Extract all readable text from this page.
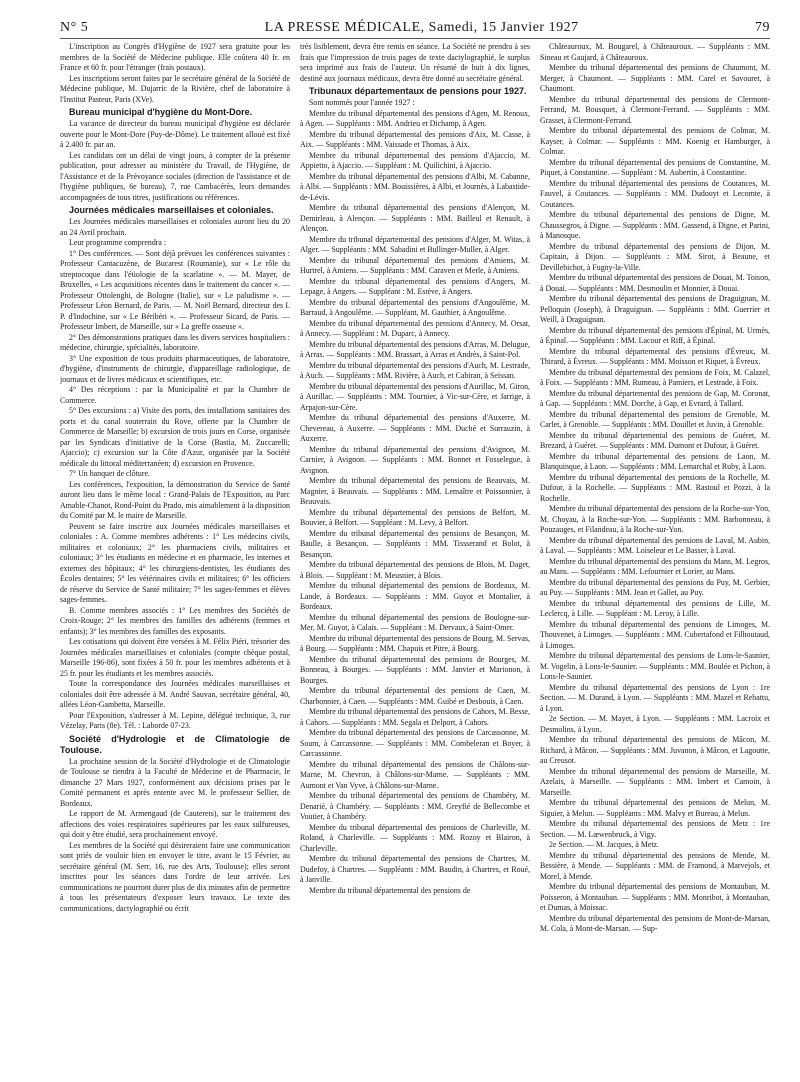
N° 5	LA PRESSE MÉDICALE, Samedi, 15 Janvier 1927	79

L'inscription au Congrès d'Hygiène de 1927 sera gratuite pour les membres de la Société de Médecine publique. Elle coûtera 40 fr. en France et 60 fr. pour l'étranger (frais postaux).

Les inscriptions seront faites par le secrétaire général de la Société de Médecine publique, M. Dujarric de la Rivière, chef de laboratoire à l'Institut Pasteur, Paris (XVe).

Bureau municipal d'hygiène du Mont-Dore.

La vacance de directeur du bureau municipal d'hygiène est déclarée ouverte pour le Mont-Dore (Puy-de-Dôme). Le traitement alloué est fixé à 2.400 fr. par an.

Les candidats ont un délai de vingt jours, à compter de la présente publication, pour adresser au ministère du Travail, de l'Hygiène, de l'Assistance et de la Prévoyance sociales (direction de l'assistance et de l'hygiène publiques, 6e bureau), 7, rue Cambacérès, leurs demandes accompagnées de tous titres, justifications ou références.

Journées médicales marseillaises et coloniales.

Les Journées médicales marseillaises et coloniales auront lieu du 20 au 24 Avril prochain.

Leur programme comprendra :

1° Des conférences. — Sont déjà prévues les conférences suivantes : Professeur Cantacuzène, de Bucarest (Roumanie), sur « Le rôle du streptocoque dans l'étiologie de la scarlatine ». — M. Mayer, de Bruxelles, « Les acquisitions récentes dans le traitement du cancer ». — Professeur Ottolenghi, de Bologne (Italie), sur « Le paludisme ». — Professeur Léon Bernard, de Paris. — M. Noël Bernard, directeur des I. P. d'Indochine, sur « Le Béribéri ». — Professeur Sicard, de Paris. — Professeur Imbert, de Marseille, sur « La greffe osseuse ».

2° Des démonstrations pratiques dans les divers services hospitaliers : médecine, chirurgie, spécialités, laboratoire.

3° Une exposition de tous produits pharmaceutiques, de laboratoire, d'hygiène, d'instruments de chirurgie, d'appareillage radiologique, de journaux et de livres médicaux et scientifiques, etc.

4° Des réceptions : par la Municipalité et par la Chambre de Commerce.

5° Des excursions : a) Visite des ports, des installations sanitaires des ports et du canal souterrain du Rove, offerte par la Chambre de Commerce de Marseille; b) excursion de trois jours en Corse, organisée par les Syndicats d'initiative de la Corse (Bastia, M. Zuccarelli; Ajaccio); c) excursion sur la Côte d'Azur, organisée par la Société médicale du littoral méditerranéen; d) excursion en Provence.

7° Un banquet de clôture.

Les conférences, l'exposition, la démonstration du Service de Santé auront lieu dans le même local : Grand-Palais de l'Exposition, au Parc Amable-Chanot, Rond-Point du Prado, mis aimablement à la disposition du Comité par M. le maire de Marseille.

Peuvent se faire inscrire aux Journées médicales marseillaises et coloniales : A. Comme membres adhérents : 1° Les médecins civils, militaires et coloniaux; 2° les pharmaciens civils, militaires et coloniaux; 3° les étudiants en médecine et en pharmacie, les internes et externes des hôpitaux; 4° les chirurgiens-dentistes, les étudiants des Écoles dentaires; 5° les vétérinaires civils et militaires; 6° les officiers de réserve du Service de Santé militaire; 7° les sages-femmes et élèves sages-femmes.

B. Comme membres associés : 1° Les membres des Sociétés de Croix-Rouge; 2° les membres des familles des adhérents (femmes et enfants); 3° les membres des familles des exposants.

Les cotisations qui doivent être versées à M. Félix Piéri, trésorier des Journées médicales marseillaises et coloniales (compte chèque postal, Marseille 196-86), sont fixées à 50 fr. pour les membres adhérents et à 25 fr. pour les étudiants et les membres associés.

Toute la correspondance des Journées médicales marseillaises et coloniales doit être adressée à M. André Sauvan, secrétaire général, 40, allées Léon-Gambetta, Marseille.

Pour l'Exposition, s'adresser à M. Lepine, délégué technique, 3, rue Vézelay, Paris (8e). Tél. : Laborde 07-23.

Société d'Hydrologie et de Climatologie de Toulouse.

La prochaine session de la Société d'Hydrologie et de Climatologie de Toulouse se tiendra à la Faculté de Médecine et de Pharmacie, le dimanche 27 Mars 1927, conformément aux décisions prises par le Comité permanent et après entente avec M. le professeur Sellier, de Bordeaux.

Le rapport de M. Armengaud (de Cauterets), sur le traitement des affections des voies respiratoires supérieures par les eaux sulfureuses, qui doit y être étudié, sera prochainement envoyé.

Les membres de la Société qui désireraient faire une communication sont priés de vouloir bien en envoyer le titre, avant le 15 Février, au secrétaire général (M. Serr, 16, rue des Arts, Toulouse); elles seront inscrites pour les séances dans l'ordre de leur arrivée. Les communications ne pourront durer plus de dix minutes afin de permettre à tous les présentateurs d'exposer leurs travaux. Le texte des communications, dactylographié ou écrit

très lisiblement, devra être remis en séance. La Société ne prendra à ses frais que l'impression de trois pages de texte dactylographié, le surplus sera imprimé aux frais de l'auteur. Un résumé de huit à dix lignes, destiné aux journaux médicaux, devra être donné au secrétaire général.

Tribunaux départementaux de pensions pour 1927.

Sont nommés pour l'année 1927 :

Membre du tribunal départemental des pensions d'Agen, M. Renoux, à Agen. — Suppléants : MM. Andrieu et Dichamp, à Agen.

Membre du tribunal départemental des pensions d'Aix, M. Casse, à Aix. — Suppléants : MM. Vaissade et Thomas, à Aix.

Membre du tribunal départemental des pensions d'Ajaccio, M. Appietto, à Ajaccio. — Suppléant : M. Quilichini, à Ajaccio.

Membre du tribunal départemental des pensions d'Albi, M. Cabanne, à Albi. — Suppléants : MM. Bouissières, à Albi, et Journès, à Labastide-de-Lévis.

Membre du tribunal départemental des pensions d'Alençon, M. Demirleau, à Alençon. — Suppléants : MM. Bailleul et Renault, à Alençon.

Membre du tribunal départemental des pensions d'Alger, M. Witas, à Alger. — Suppléants : MM. Sabadini et Bullinger-Muller, à Alger.

Membre du tribunal départemental des pensions d'Amiens, M. Hurtrel, à Amiens. — Suppléants : MM. Caraven et Merle, à Amiens.

Membre du tribunal départemental des pensions d'Angers, M. Lepage, à Angers. — Suppléant : M. Estève, à Angers.

Membre du tribunal départemental des pensions d'Angoulême, M. Barraud, à Angoulême. — Suppléant, M. Gauthier, à Angoulême.

Membre du tribunal départemental des pensions d'Annecy, M. Orsat, à Annecy. — Suppléant : M. Duparc, à Annecy.

Membre du tribunal départemental des pensions d'Arras, M. Delugue, à Arras. — Suppléants : MM. Brassart, à Arras et Andrès, à Saint-Pol.

Membre du tribunal départemental des pensions d'Auch, M. Lestrade, à Auch. — Suppléants : MM. Rivière, à Auch, et Cabiran, à Seissan.

Membre du tribunal départemental des pensions d'Aurillac, M. Giron, à Aurillac. — Suppléants : MM. Tournier, à Vic-sur-Cère, et Jarrige, à Arpajon-sur-Cère.

Membre du tribunal départemental des pensions d'Auxerre, M. Chevereau, à Auxerre. — Suppléants : MM. Duché et Surrauzin, à Auxerre.

Membre du tribunal départemental des pensions d'Avignon, M. Carnier, à Avignon. — Suppléants : MM. Bonnet et Fosselegue, à Avignon.

Membre du tribunal départemental des pensions de Beauvais, M. Magnier, à Beauvais. — Suppléants : MM. Lemaître et Poissonnier, à Beauvais.

Membre du tribunal départemental des pensions de Belfort, M. Bouvier, à Belfort. — Suppléant : M. Levy, à Belfort.

Membre du tribunal départemental des pensions de Besançon, M. Baulle, à Besançon. — Suppléants : MM. Tissserand et Bolot, à Besançon.

Membre du tribunal départemental des pensions de Blois, M. Daget, à Blois. — Suppléant : M. Meusnier, à Blois.

Membre du tribunal départemental des pensions de Bordeaux, M. Lande, à Bordeaux. — Suppléants : MM. Guyot et Montalier, à Bordeaux.

Membre du tribunal départemental des pensions de Boulogne-sur-Mer, M. Guyot, à Calais. — Suppléant : M. Dervaux, à Saint-Omer.

Membre du tribunal départemental des pensions de Bourg, M. Servas, à Bourg. — Suppléants : MM. Chapuis et Pitre, à Bourg.

Membre du tribunal départemental des pensions de Bourges, M. Bonneau, à Bourges. — Suppléants : MM. Janvier et Marionon, à Bourges.

Membre du tribunal départemental des pensions de Caen, M. Charbonnier, à Caen. — Suppléants : MM. Guibé et Desbouis, à Caen.

Membre du tribunal départemental des pensions de Cahors, M. Besse, à Cahors. — Suppléants : MM. Segala et Delport, à Cahors.

Membre du tribunal départemental des pensions de Carcassonne, M. Soum, à Carcassonne. — Suppléants : MM. Combeleran et Boyer, à Carcassonne.

Membre du tribunal départemental des pensions de Châlons-sur-Marne, M. Chevron, à Châlons-sur-Marne. — Suppléants : MM. Aumont et Van Vyve, à Châlons-sur-Marne.

Membre du tribunal départemental des pensions de Chambéry, M. Denarié, à Chambéry. — Suppléants : MM. Greyfié de Bellecombe et Voutier, à Chambéry.

Membre du tribunal départemental des pensions de Charleville, M. Roland, à Charleville. — Suppléants : MM. Rozoy et Blairon, à Charleville.

Membre du tribunal départemental des pensions de Chartres, M. Dudefoy, à Chartres. — Suppléants : MM. Baudin, à Chartres, et Roué, à Janville.

Membre du tribunal départemental des pensions de

Châteauroux, M. Bougarel, à Châteauroux. — Suppléants : MM. Sineau et Gaujard, à Châteauroux.

Membre du tribunal départemental des pensions de Chaumont, M. Merger, à Chaumont. — Suppléants : MM. Carel et Savouret, à Chaumont.

Membre du tribunal départemental des pensions de Clermont-Ferrand, M. Bousquet, à Clermont-Ferrand. — Suppléants : MM. Grasset, à Clermont-Ferrand.

Membre du tribunal départemental des pensions de Colmar, M. Kayser, à Colmar. — Suppléants : MM. Koenig et Hamburger, à Colmar.

Membre du tribunal départemental des pensions de Constantine, M. Piquet, à Constantine. — Suppléant : M. Aubertin, à Constantine.

Membre du tribunal départemental des pensions de Coutances, M. Fauvel, à Coutances. — Suppléants : MM. Dudouyt et Lecomte, à Coutances.

Membre du tribunal départemental des pensions de Digne, M. Chaussegros, à Digne. — Suppléants : MM. Gassend, à Digne, et Parini, à Manosque.

Membre du tribunal départemental des pensions de Dijon, M. Capitain, à Dijon. — Suppléants : MM. Sirot, à Beaune, et Devillebichot, à Fugny-la-Ville.

Membre du tribunal départemental des pensions de Douai, M. Toison, à Douai. — Suppléants : MM. Desmoulin et Monnier, à Douai.

Membre du tribunal départemental des pensions de Draguignan, M. Pelloquin (Joseph), à Draguignan. — Suppléants : MM. Guerrier et Weill, à Draguignan.

Membre du tribunal départemental des pensions d'Épinal, M. Urmès, à Épinal. — Suppléants : MM. Lacour et Riff, à Épinal.

Membre du tribunal départemental des pensions d'Évreux, M. Thirard, à Évreux. — Suppléants : MM. Moisson et Riquet, à Évreux.

Membre du tribunal départemental des pensions de Foix, M. Calazel, à Foix. — Suppléants : MM. Rumeau, à Pamiers, et Lestrade, à Foix.

Membre du tribunal départemental des pensions de Gap, M. Coronat, à Gap. — Suppléants : MM. Dorche, à Gap, et Evrard, à Tallard.

Membre du tribunal départemental des pensions de Grenoble, M. Carlet, à Grenoble. — Suppléants : MM. Douillet et Juvin, à Grenoble.

Membre du tribunal départemental des pensions de Guéret, M. Brezard, à Guéret. — Suppléants : MM. Dumont et Dufour, à Guéret.

Membre du tribunal départemental des pensions de Laon, M. Blanquinque, à Laon. — Suppléants : MM. Lemarchal et Ruby, à Laon.

Membre du tribunal départemental des pensions de la Rochelle, M. Dufour, à la Rochelle. — Suppléants : MM. Rastoul et Pozzi, à la Rochelle.

Membre du tribunal départemental des pensions de la Roche-sur-Yon, M. Choyau, à la Roche-sur-Yon. — Suppléants : MM. Barbonneau, à Pouzauges, et Filandeau, à la Roche-sur-Yon.

Membre du tribunal départemental des pensions de Laval, M. Aubin, à Laval. — Suppléants : MM. Loiseleur et Le Basser, à Laval.

Membre du tribunal départemental des pensions du Mans, M. Legros, au Mans. — Suppléants : MM. Lefournier et Lorier, au Mans.

Membre du tribunal départemental des pensions du Puy, M. Gerbier, au Puy. — Suppléants : MM. Jean et Gallet, au Puy.

Membre du tribunal départemental des pensions de Lille, M. Leclercq, à Lille. — Suppléant : M. Leroy, à Lille.

Membre du tribunal départemental des pensions de Limoges, M. Thouvenet, à Limoges. — Suppléants : MM. Cubertafond et Filhoutaud, à Limoges.

Membre du tribunal départemental des pensions de Lons-le-Saunier, M. Vogelin, à Lons-le-Saunier. — Suppléants : MM. Boulée et Pichon, à Lons-le-Saunier.

Membre du tribunal départemental des pensions de Lyon : 1re Section. — M. Durand, à Lyon. — Suppléants : MM. Mazel et Rebattu, à Lyon.

2e Section. — M. Mayet, à Lyon. — Suppléants : MM. Lacroix et Desmolins, à Lyon.

Membre du tribunal départemental des pensions de Mâcon, M. Richard, à Mâcon. — Suppléants : MM. Juvanon, à Mâcon, et Lagoutte, au Creusot.

Membre du tribunal départemental des pensions de Marseille, M. Azelais, à Marseille. — Suppléants : MM. Imbert et Camoin, à Marseille.

Membre du tribunal départemental des pensions de Melun, M. Siguier, à Melun. — Suppléants : MM. Malvy et Bureau, à Melun.

Membre du tribunal départemental des pensions de Metz : 1re Section. — M. Lœwenbruck, à Vigy.

2e Section. — M. Jacques, à Metz.

Membre du tribunal départemental des pensions de Mende, M. Bessière, à Mende. — Suppléants : MM. de Framond, à Marvejols, et Morel, à Mende.

Membre du tribunal départemental des pensions de Montauban, M. Poisseron, à Montauban. — Suppléants : MM. Monribot, à Montauban, et Dumas, à Moissac.

Membre du tribunal départemental des pensions de Mont-de-Marsan, M. Cola, à Mont-de-Marsan. — Sup-
